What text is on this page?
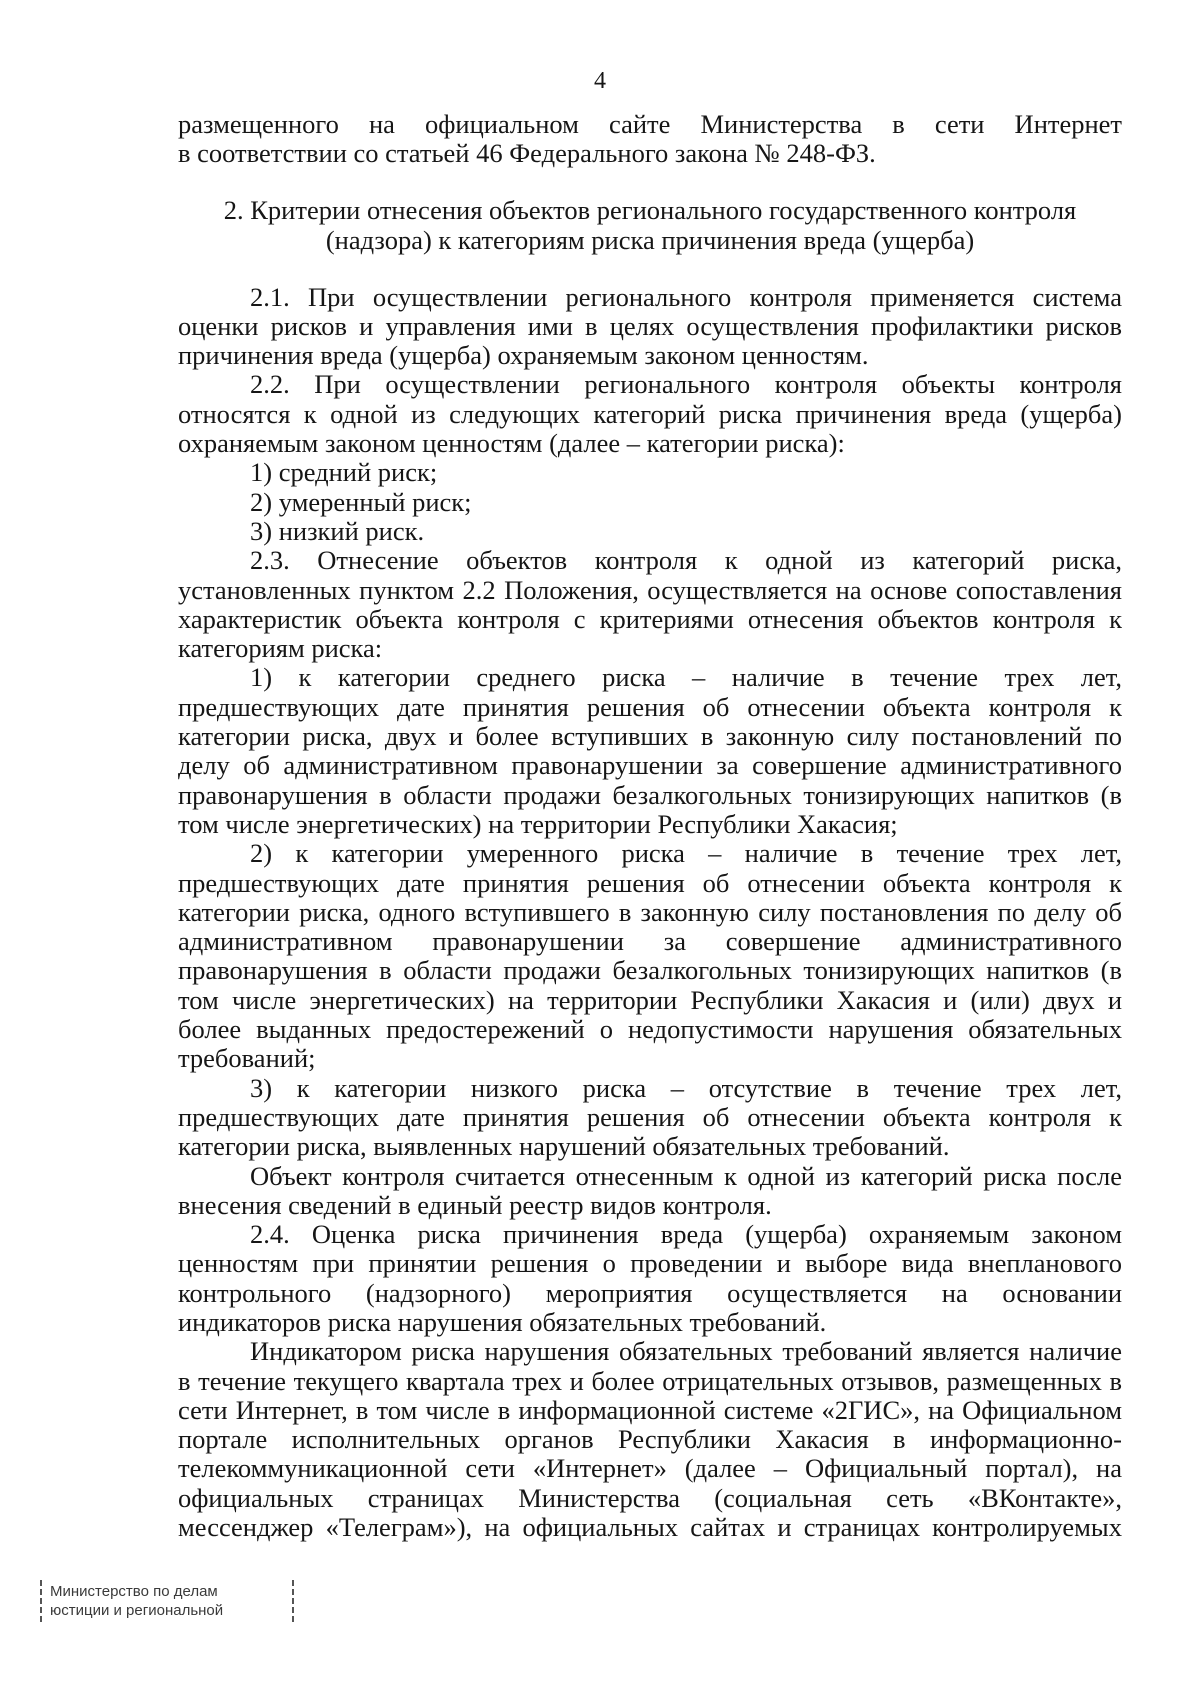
4

размещенного на официальном сайте Министерства в сети Интернет

в соответствии со статьей 46 Федерального закона № 248-ФЗ.

2. Критерии отнесения объектов регионального государственного контроля
(надзора) к категориям риска причинения вреда (ущерба)

2.1. При осуществлении регионального контроля применяется система оценки рисков и управления ими в целях осуществления профилактики рисков причинения вреда (ущерба) охраняемым законом ценностям.

2.2. При осуществлении регионального контроля объекты контроля относятся к одной из следующих категорий риска причинения вреда (ущерба) охраняемым законом ценностям (далее – категории риска):

1) средний риск;

2) умеренный риск;

3) низкий риск.

2.3. Отнесение объектов контроля к одной из категорий риска, установленных пунктом 2.2 Положения, осуществляется на основе сопоставления характеристик объекта контроля с критериями отнесения объектов контроля к категориям риска:

1) к категории среднего риска – наличие в течение трех лет, предшествующих дате принятия решения об отнесении объекта контроля к категории риска, двух и более вступивших в законную силу постановлений по делу об административном правонарушении за совершение административного правонарушения в области продажи безалкогольных тонизирующих напитков (в том числе энергетических) на территории Республики Хакасия;

2) к категории умеренного риска – наличие в течение трех лет, предшествующих дате принятия решения об отнесении объекта контроля к категории риска, одного вступившего в законную силу постановления по делу об административном правонарушении за совершение административного правонарушения в области продажи безалкогольных тонизирующих напитков (в том числе энергетических) на территории Республики Хакасия и (или) двух и более выданных предостережений о недопустимости нарушения обязательных требований;

3) к категории низкого риска – отсутствие в течение трех лет, предшествующих дате принятия решения об отнесении объекта контроля к категории риска, выявленных нарушений обязательных требований.

Объект контроля считается отнесенным к одной из категорий риска после внесения сведений в единый реестр видов контроля.

2.4. Оценка риска причинения вреда (ущерба) охраняемым законом ценностям при принятии решения о проведении и выборе вида внепланового контрольного (надзорного) мероприятия осуществляется на основании индикаторов риска нарушения обязательных требований.

Индикатором риска нарушения обязательных требований является наличие в течение текущего квартала трех и более отрицательных отзывов, размещенных в сети Интернет, в том числе в информационной системе «2ГИС», на Официальном портале исполнительных органов Республики Хакасия в информационно-телекоммуникационной сети «Интернет» (далее – Официальный портал), на официальных страницах Министерства (социальная сеть «ВКонтакте», мессенджер «Телеграм»), на официальных сайтах и страницах контролируемых

Министерство по делам
юстиции и региональной
